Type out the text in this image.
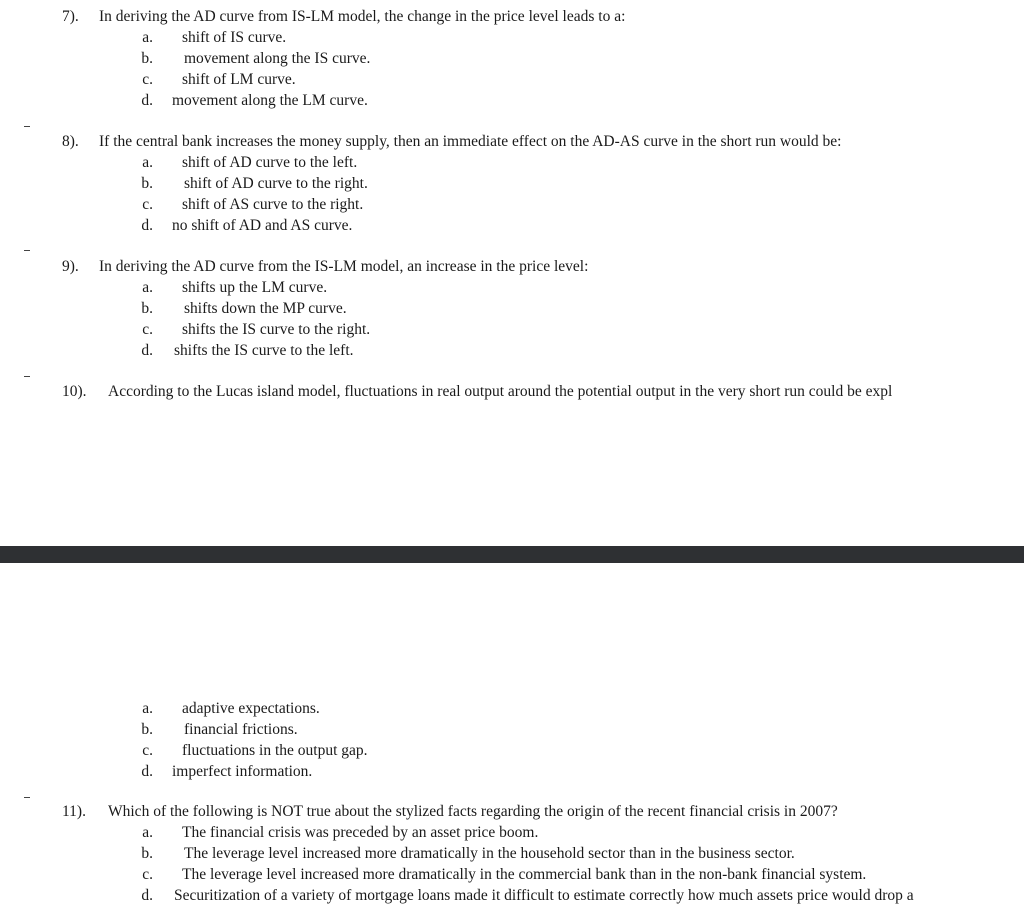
7). In deriving the AD curve from IS-LM model, the change in the price level leads to a:
a. shift of IS curve.
b. movement along the IS curve.
c. shift of LM curve.
d. movement along the LM curve.
8). If the central bank increases the money supply, then an immediate effect on the AD-AS curve in the short run would be:
a. shift of AD curve to the left.
b. shift of AD curve to the right.
c. shift of AS curve to the right.
d. no shift of AD and AS curve.
9). In deriving the AD curve from the IS-LM model, an increase in the price level:
a. shifts up the LM curve.
b. shifts down the MP curve.
c. shifts the IS curve to the right.
d. shifts the IS curve to the left.
10). According to the Lucas island model, fluctuations in real output around the potential output in the very short run could be expl
a. adaptive expectations.
b. financial frictions.
c. fluctuations in the output gap.
d. imperfect information.
11). Which of the following is NOT true about the stylized facts regarding the origin of the recent financial crisis in 2007?
a. The financial crisis was preceded by an asset price boom.
b. The leverage level increased more dramatically in the household sector than in the business sector.
c. The leverage level increased more dramatically in the commercial bank than in the non-bank financial system.
d. Securitization of a variety of mortgage loans made it difficult to estimate correctly how much assets price would drop a
